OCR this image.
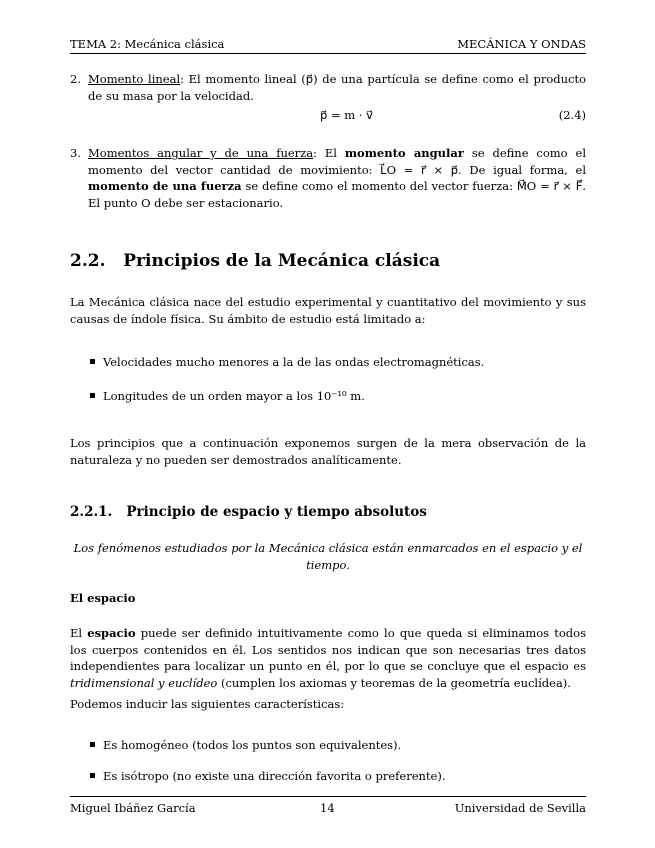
TEMA 2: Mecánica clásica	MECÁNICA Y ONDAS
2. Momento lineal: El momento lineal (p⃗) de una partícula se define como el producto de su masa por la velocidad.
p⃗ = m · v⃗	(2.4)
3. Momentos angular y de una fuerza: El momento angular se define como el momento del vector cantidad de movimiento: L⃗O = r⃗ × p⃗. De igual forma, el momento de una fuerza se define como el momento del vector fuerza: M⃗O = r⃗ × F⃗. El punto O debe ser estacionario.
2.2. Principios de la Mecánica clásica
La Mecánica clásica nace del estudio experimental y cuantitativo del movimiento y sus causas de índole física. Su ámbito de estudio está limitado a:
Velocidades mucho menores a la de las ondas electromagnéticas.
Longitudes de un orden mayor a los 10⁻¹⁰ m.
Los principios que a continuación exponemos surgen de la mera observación de la naturaleza y no pueden ser demostrados analíticamente.
2.2.1. Principio de espacio y tiempo absolutos
Los fenómenos estudiados por la Mecánica clásica están enmarcados en el espacio y el tiempo.
El espacio
El espacio puede ser definido intuitivamente como lo que queda si eliminamos todos los cuerpos contenidos en él. Los sentidos nos indican que son necesarias tres datos independientes para localizar un punto en él, por lo que se concluye que el espacio es tridimensional y euclídeo (cumplen los axiomas y teoremas de la geometría euclídea).
Podemos inducir las siguientes características:
Es homogéneo (todos los puntos son equivalentes).
Es isótropo (no existe una dirección favorita o preferente).
Miguel Ibáñez García	14	Universidad de Sevilla
